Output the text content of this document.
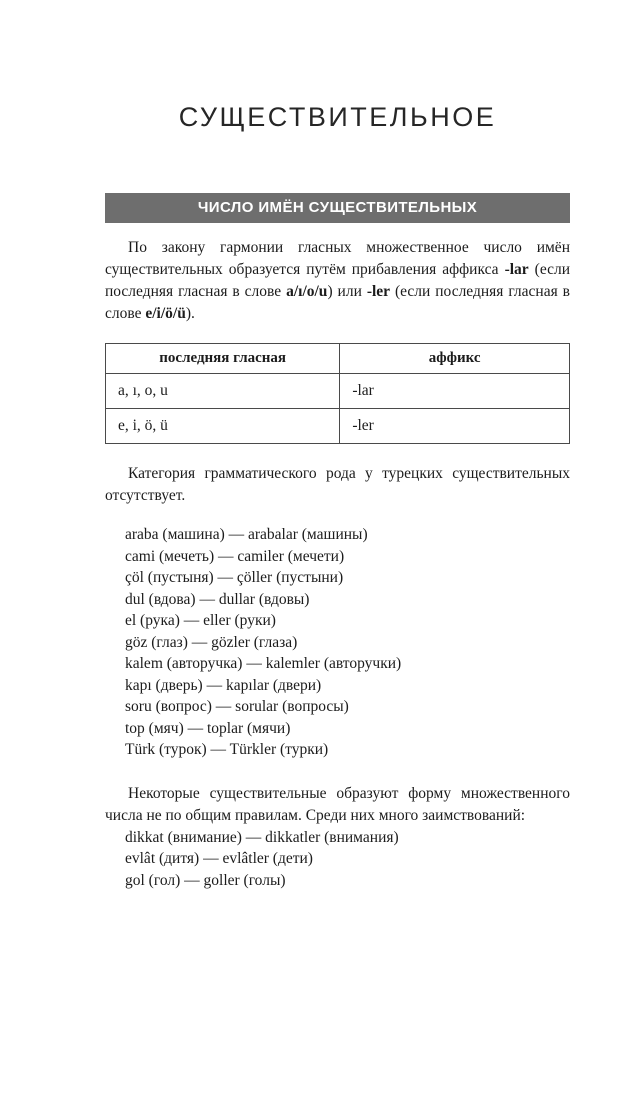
СУЩЕСТВИТЕЛЬНОЕ
ЧИСЛО ИМЁН СУЩЕСТВИТЕЛЬНЫХ

По закону гармонии гласных множественное число имён существительных образуется путём прибавления аффикса -lar (если последняя гласная в слове a/ı/o/u) или -ler (если последняя гласная в слове e/i/ö/ü).

последняя гласная	аффикс
a, ı, o, u	-lar
e, i, ö, ü	-ler

Категория грамматического рода у турецких существительных отсутствует.

araba (машина) — arabalar (машины)
cami (мечеть) — camiler (мечети)
çöl (пустыня) — çöller (пустыни)
dul (вдова) — dullar (вдовы)
el (рука) — eller (руки)
göz (глаз) — gözler (глаза)
kalem (авторучка) — kalemler (авторучки)
kapı (дверь) — kapılar (двери)
soru (вопрос) — sorular (вопросы)
top (мяч) — toplar (мячи)
Türk (турок) — Türkler (турки)

Некоторые существительные образуют форму множественного числа не по общим правилам. Среди них много заимствований:

dikkat (внимание) — dikkatler (внимания)
evlât (дитя) — evlâtler (дети)
gol (гол) — goller (голы)
